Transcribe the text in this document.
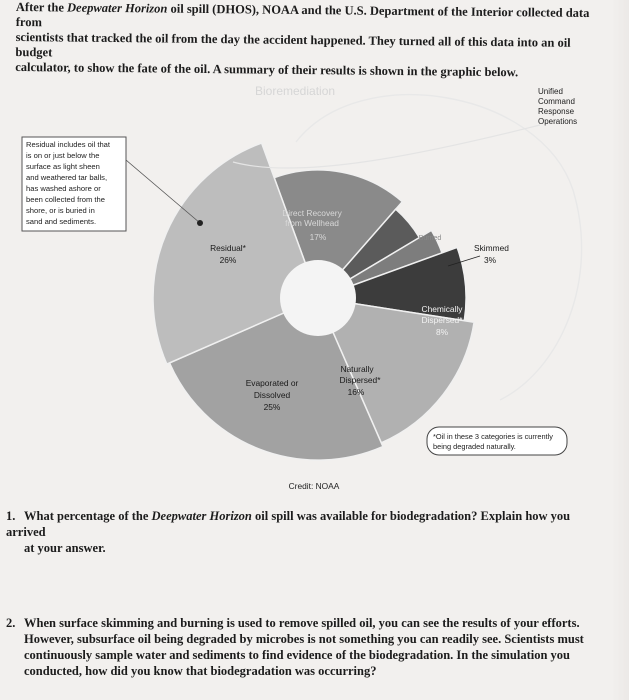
After the Deepwater Horizon oil spill (DHOS), NOAA and the U.S. Department of the Interior collected data from
scientists that tracked the oil from the day the accident happened. They turned all of this data into an oil budget
calculator, to show the fate of the oil. A summary of their results is shown in the graphic below.
Bioremediation	Unified
Command
Response
Operations
Residual includes oil that
is on or just below the
surface as light sheen
and weathered tar balls,
has washed ashore or
been collected from the
shore, or is buried in
sand and sediments.
Direct Recovery
from Wellhead
17%	Burned
Skimmed
3%
Chemically
Dispersed*
8%
Naturally
Dispersed*
16%
Evaporated or
Dissolved
25%
Residual*
26%
*Oil in these 3 categories is currently
being degraded naturally.
Credit: NOAA
1. What percentage of the Deepwater Horizon oil spill was available for biodegradation? Explain how you arrived
at your answer.
2. When surface skimming and burning is used to remove spilled oil, you can see the results of your efforts.
However, subsurface oil being degraded by microbes is not something you can readily see. Scientists must
continuously sample water and sediments to find evidence of the biodegradation. In the simulation you
conducted, how did you know that biodegradation was occurring?
